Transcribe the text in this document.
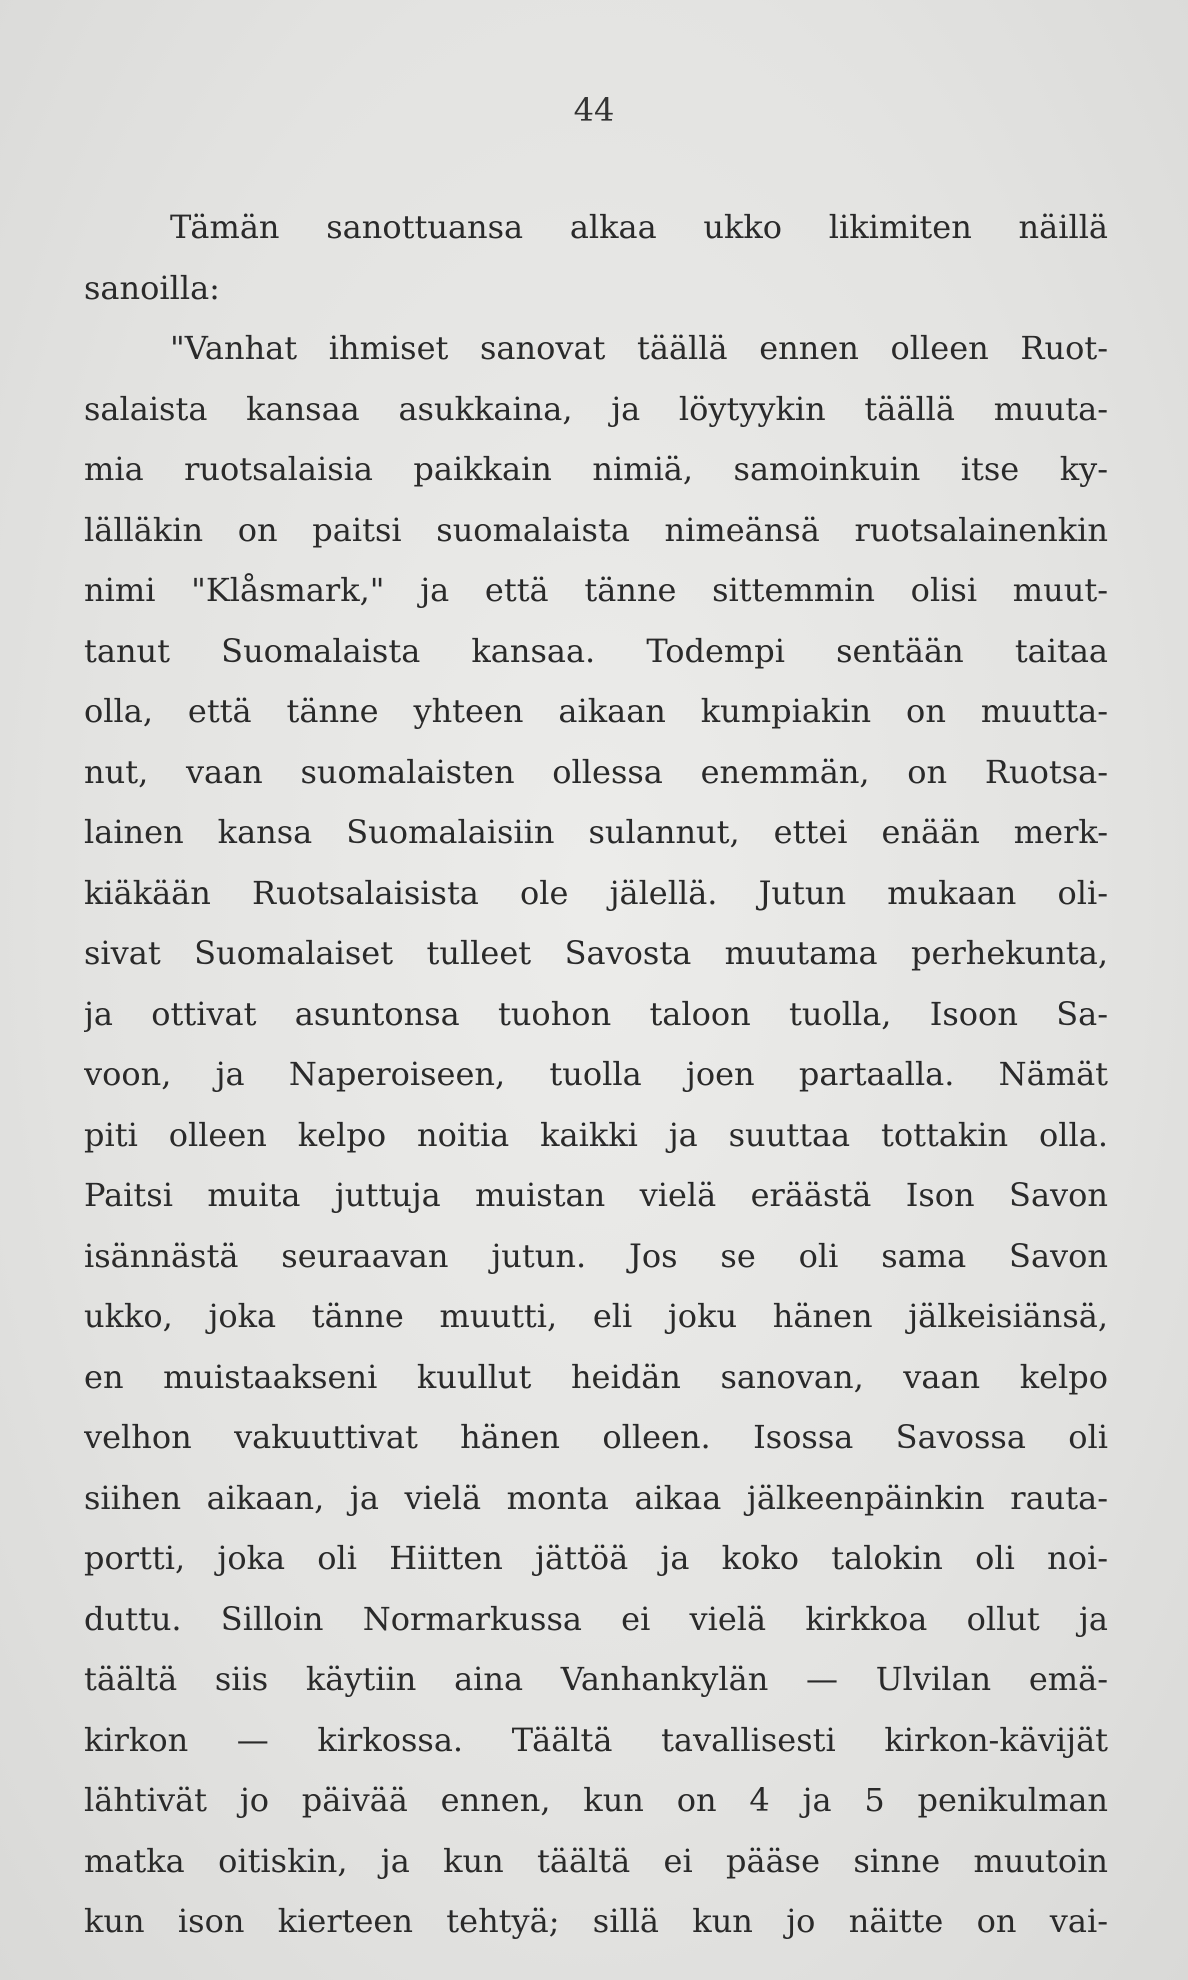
44
Tämän sanottuansa alkaa ukko likimiten näillä
sanoilla:
"Vanhat ihmiset sanovat täällä ennen olleen Ruot-
salaista kansaa asukkaina, ja löytyykin täällä muuta-
mia ruotsalaisia paikkain nimiä, samoinkuin itse ky-
lälläkin on paitsi suomalaista nimeänsä ruotsalainenkin
nimi "Klåsmark," ja että tänne sittemmin olisi muut-
tanut Suomalaista kansaa. Todempi sentään taitaa
olla, että tänne yhteen aikaan kumpiakin on muutta-
nut, vaan suomalaisten ollessa enemmän, on Ruotsa-
lainen kansa Suomalaisiin sulannut, ettei enään merk-
kiäkään Ruotsalaisista ole jälellä. Jutun mukaan oli-
sivat Suomalaiset tulleet Savosta muutama perhekunta,
ja ottivat asuntonsa tuohon taloon tuolla, Isoon Sa-
voon, ja Naperoiseen, tuolla joen partaalla. Nämät
piti olleen kelpo noitia kaikki ja suuttaa tottakin olla.
Paitsi muita juttuja muistan vielä eräästä Ison Savon
isännästä seuraavan jutun. Jos se oli sama Savon
ukko, joka tänne muutti, eli joku hänen jälkeisiänsä,
en muistaakseni kuullut heidän sanovan, vaan kelpo
velhon vakuuttivat hänen olleen. Isossa Savossa oli
siihen aikaan, ja vielä monta aikaa jälkeenpäinkin rauta-
portti, joka oli Hiitten jättöä ja koko talokin oli noi-
duttu. Silloin Normarkussa ei vielä kirkkoa ollut ja
täältä siis käytiin aina Vanhankylän — Ulvilan emä-
kirkon — kirkossa. Täältä tavallisesti kirkon-kävijät
lähtivät jo päivää ennen, kun on 4 ja 5 penikulman
matka oitiskin, ja kun täältä ei pääse sinne muutoin
kun ison kierteen tehtyä; sillä kun jo näitte on vai-
